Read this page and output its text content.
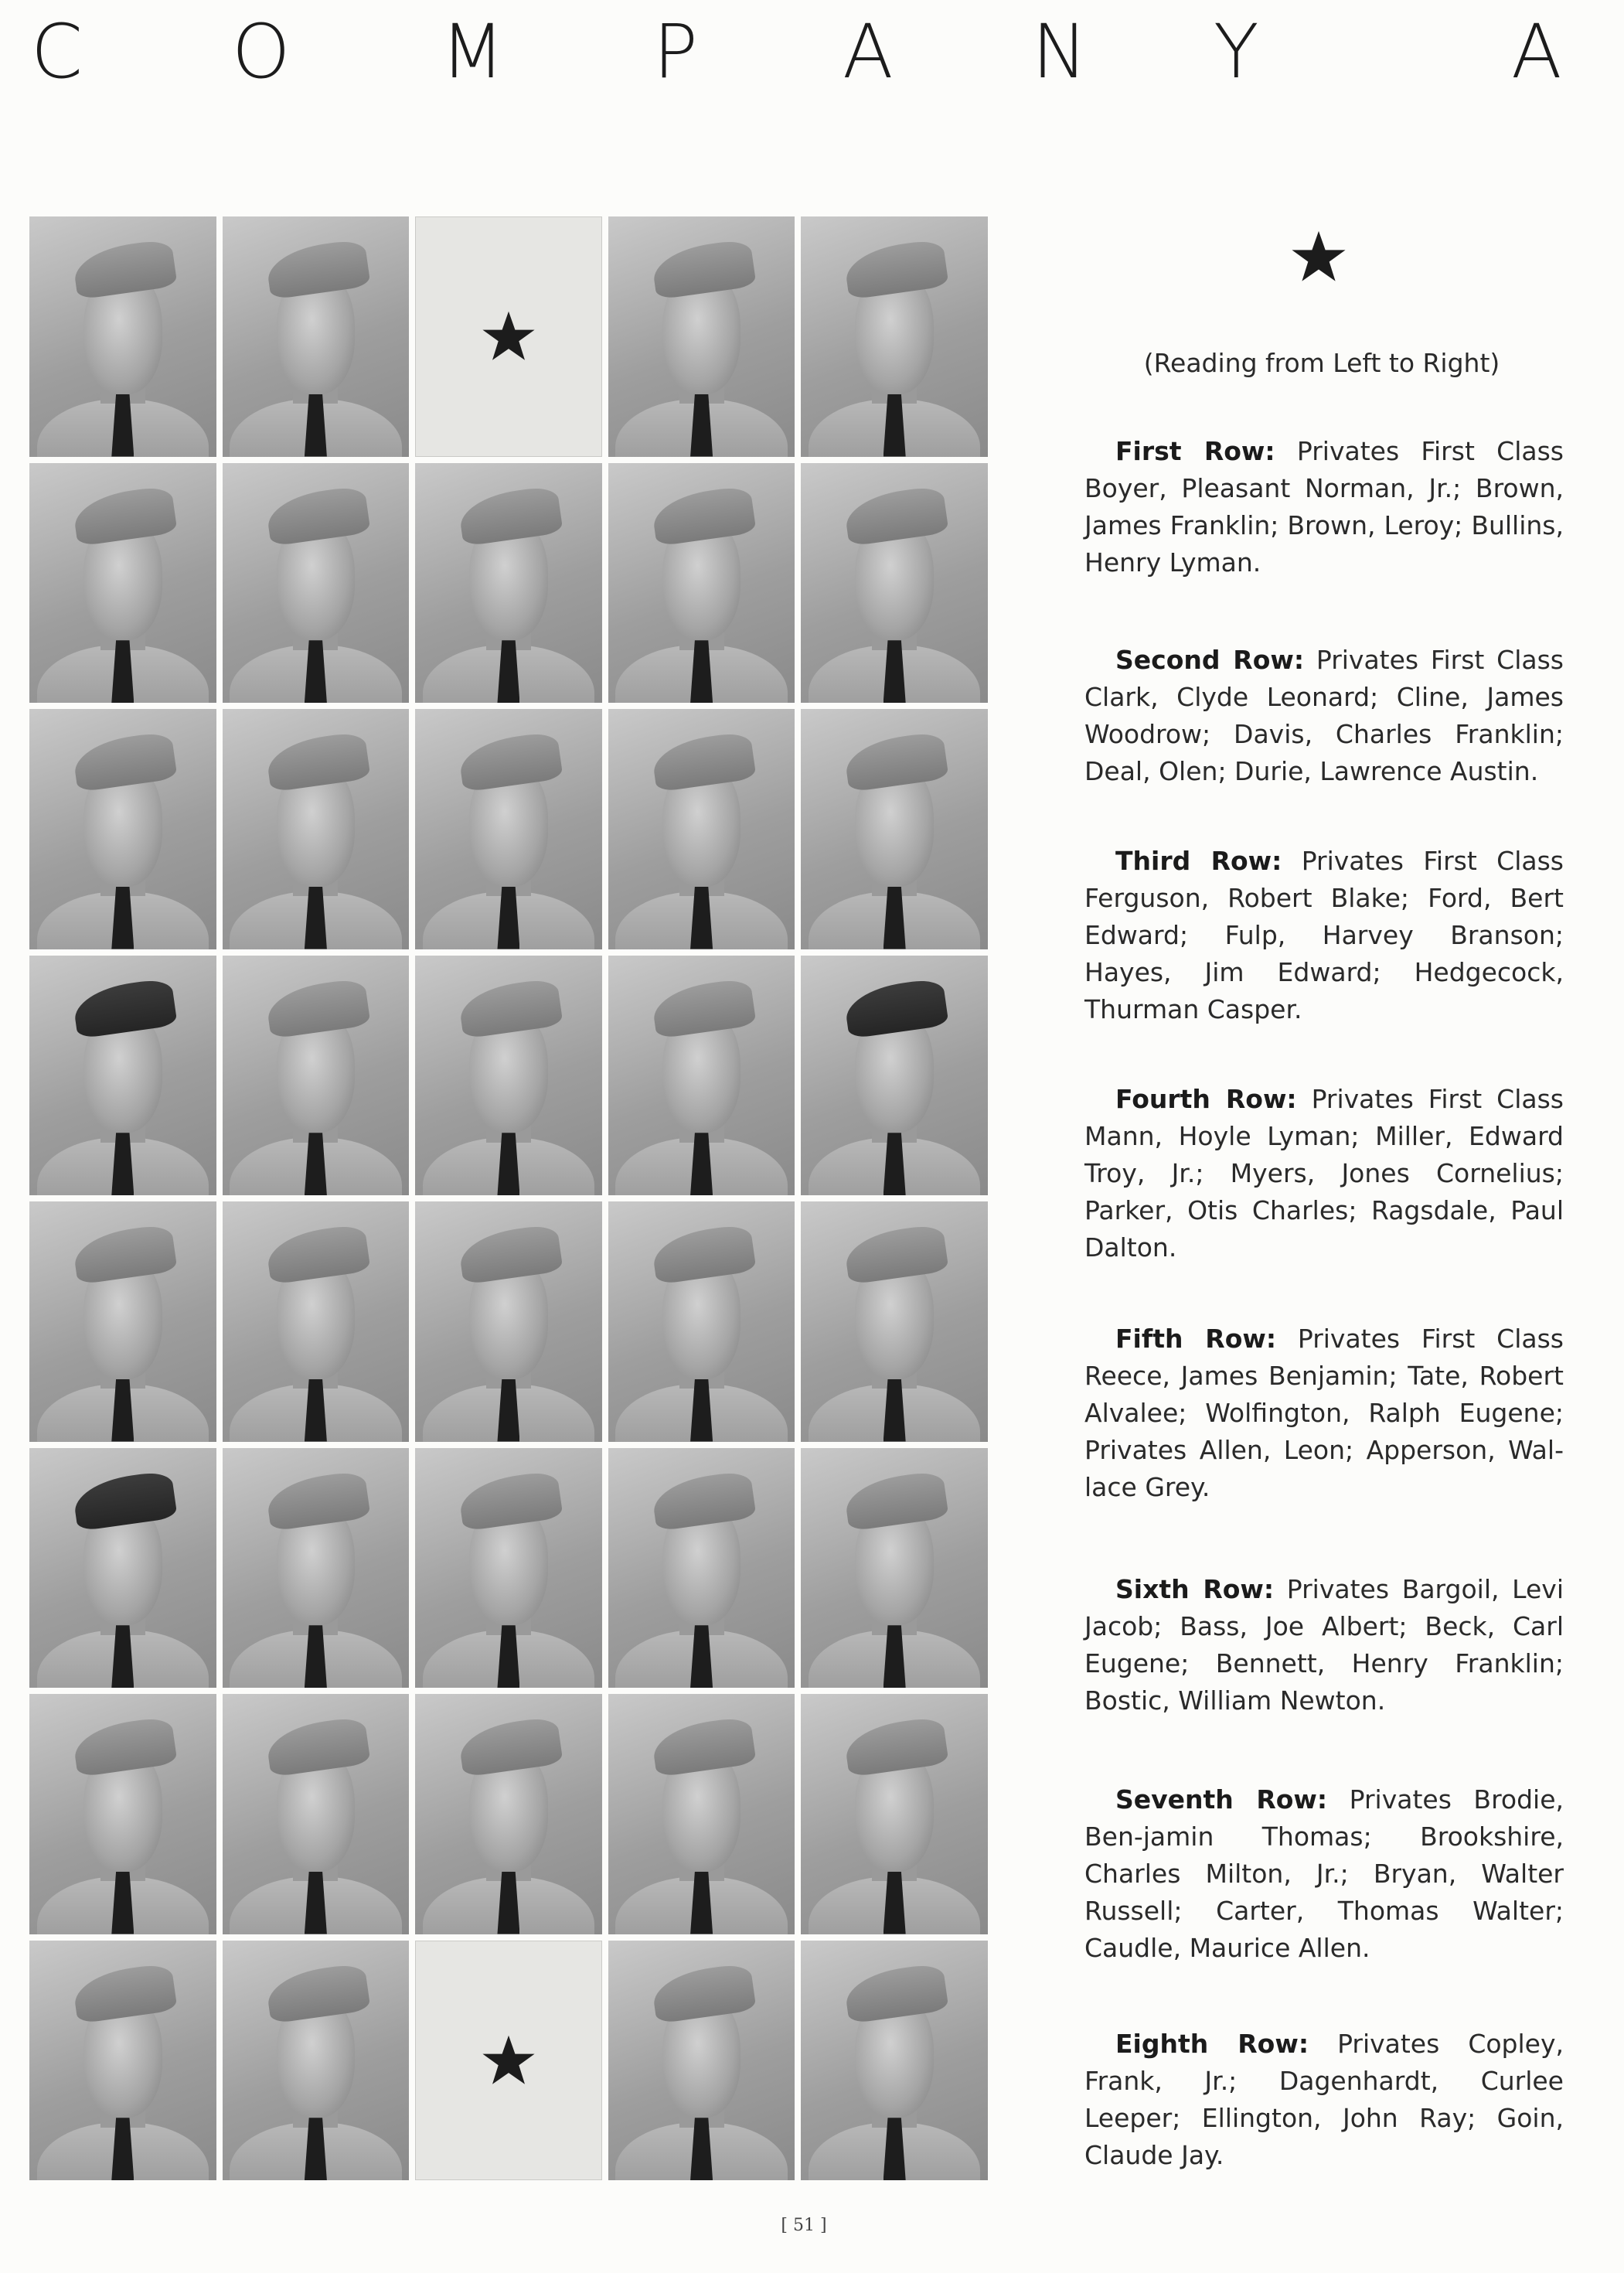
C O M P A N Y	A
(Reading from Left to Right)
First Row: Privates First Class Boyer, Pleasant Norman, Jr.; Brown, James Franklin; Brown, Leroy; Bullins, Henry Lyman.
Second Row: Privates First Class Clark, Clyde Leonard; Cline, James Woodrow; Davis, Charles Franklin; Deal, Olen; Durie, Lawrence Austin.
Third Row: Privates First Class Ferguson, Robert Blake; Ford, Bert Edward; Fulp, Harvey Branson; Hayes, Jim Edward; Hedgecock, Thurman Casper.
Fourth Row: Privates First Class Mann, Hoyle Lyman; Miller, Edward Troy, Jr.; Myers, Jones Cornelius; Parker, Otis Charles; Ragsdale, Paul Dalton.
Fifth Row: Privates First Class Reece, James Benjamin; Tate, Robert Alvalee; Wolfington, Ralph Eugene; Privates Allen, Leon; Apperson, Wal-lace Grey.
Sixth Row: Privates Bargoil, Levi Jacob; Bass, Joe Albert; Beck, Carl Eugene; Bennett, Henry Franklin; Bostic, William Newton.
Seventh Row: Privates Brodie, Ben-jamin Thomas; Brookshire, Charles Milton, Jr.; Bryan, Walter Russell; Carter, Thomas Walter; Caudle, Maurice Allen.
Eighth Row: Privates Copley, Frank, Jr.; Dagenhardt, Curlee Leeper; Ellington, John Ray; Goin, Claude Jay.
[ 51 ]
